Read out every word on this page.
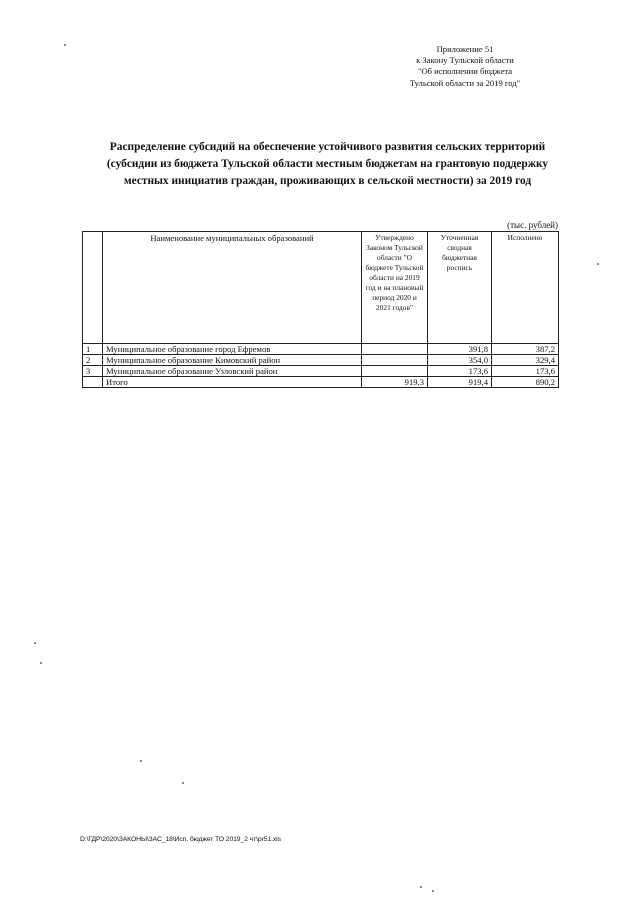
Приложение 51
к Закону Тульской области
"Об исполнении бюджета
Тульской области за 2019 год"
Распределение субсидий на обеспечение устойчивого развития сельских территорий
(субсидии из бюджета Тульской области местным бюджетам на грантовую поддержку
местных инициатив граждан, проживающих в сельской местности) за 2019 год
(тыс. рублей)
	Наименование муниципальных образований	Утверждено Законом Тульской области "О бюджете Тульской области на 2019 год и на плановый период 2020 и 2021 годов"	Уточненная сводная бюджетная роспись	Исполнено
1	Муниципальное образование город Ефремов		391,8	387,2
2	Муниципальное образование Кимовский район		354,0	329,4
3	Муниципальное образование Узловский район		173,6	173,6
	Итого	919,3	919,4	890,2
D:\ГДР\2020\ЗАКОНЫ\ЗАС_18\Исп. бюджет ТО 2019_2 чт\pr51.xls
